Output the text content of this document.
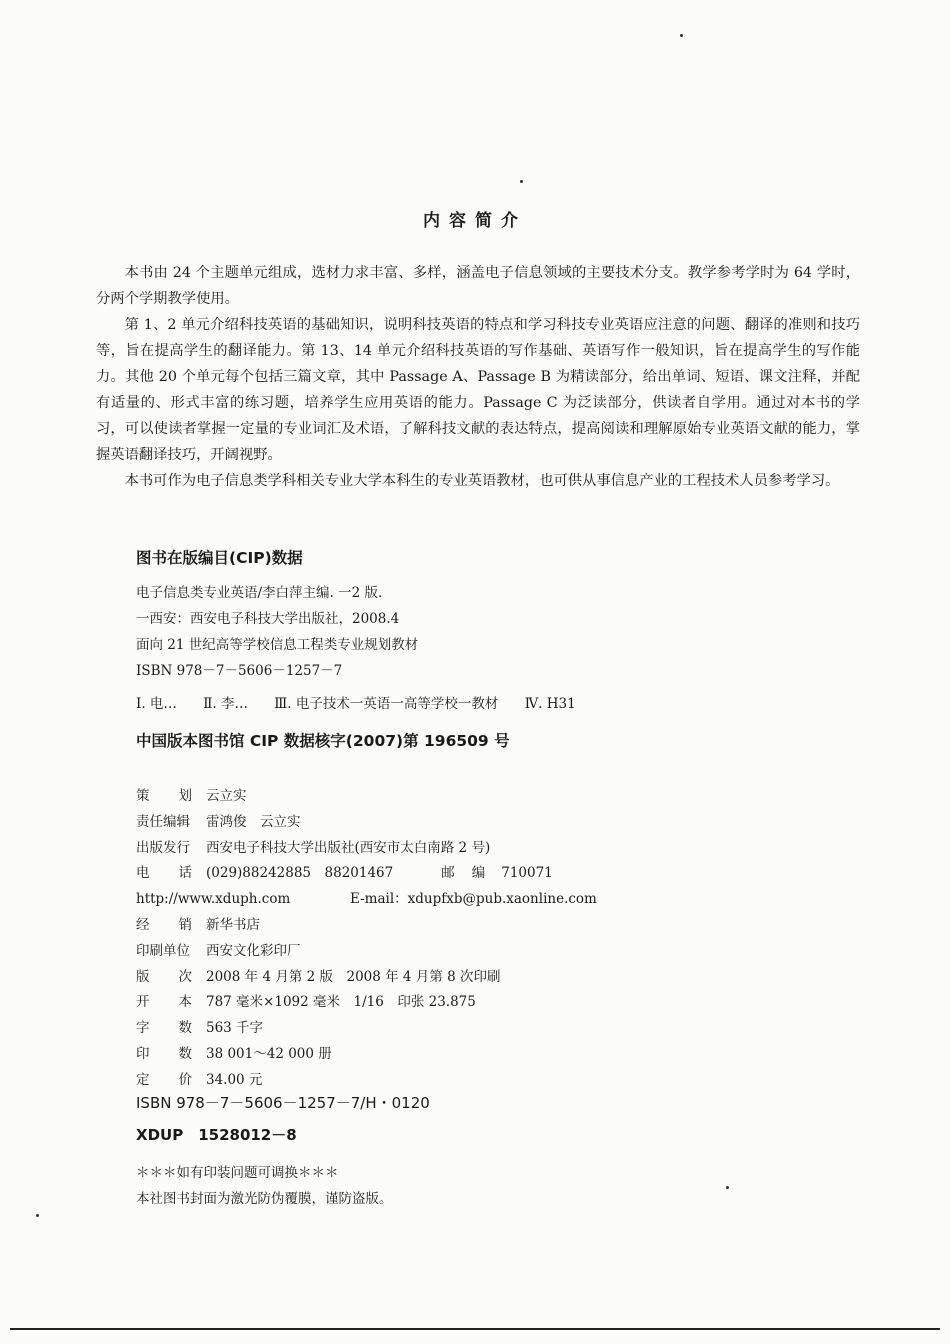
内容简介

本书由 24 个主题单元组成，选材力求丰富、多样，涵盖电子信息领域的主要技术分支。教学参考学时为 64 学时，分两个学期教学使用。

第 1、2 单元介绍科技英语的基础知识，说明科技英语的特点和学习科技专业英语应注意的问题、翻译的准则和技巧等，旨在提高学生的翻译能力。第 13、14 单元介绍科技英语的写作基础、英语写作一般知识，旨在提高学生的写作能力。其他 20 个单元每个包括三篇文章，其中 Passage A、Passage B 为精读部分，给出单词、短语、课文注释，并配有适量的、形式丰富的练习题，培养学生应用英语的能力。Passage C 为泛读部分，供读者自学用。通过对本书的学习，可以使读者掌握一定量的专业词汇及术语，了解科技文献的表达特点，提高阅读和理解原始专业英语文献的能力，掌握英语翻译技巧，开阔视野。

本书可作为电子信息类学科相关专业大学本科生的专业英语教材，也可供从事信息产业的工程技术人员参考学习。

图书在版编目(CIP)数据
电子信息类专业英语/李白萍主编. 一2 版.
一西安：西安电子科技大学出版社，2008.4
面向 21 世纪高等学校信息工程类专业规划教材
ISBN 978－7－5606－1257－7
Ⅰ. 电… Ⅱ. 李… Ⅲ. 电子技术一英语一高等学校一教材 Ⅳ. H31
中国版本图书馆 CIP 数据核字(2007)第 196509 号
策划 云立实
责任编辑 雷鸿俊　云立实
出版发行 西安电子科技大学出版社(西安市太白南路 2 号)
电话 (029)88242885　88201467	邮编 710071
http://www.xduph.com	E-mail：xdupfxb@pub.xaonline.com
经销 新华书店
印刷单位 西安文化彩印厂
版次 2008 年 4 月第 2 版　2008 年 4 月第 8 次印刷
开本 787 毫米×1092 毫米　1/16　印张 23.875
字数 563 千字
印数 38 001～42 000 册
定价 34.00 元
ISBN 978－7－5606－1257－7/H・0120
XDUP　1528012－8
＊＊＊如有印装问题可调换＊＊＊
本社图书封面为激光防伪覆膜，谨防盗版。
